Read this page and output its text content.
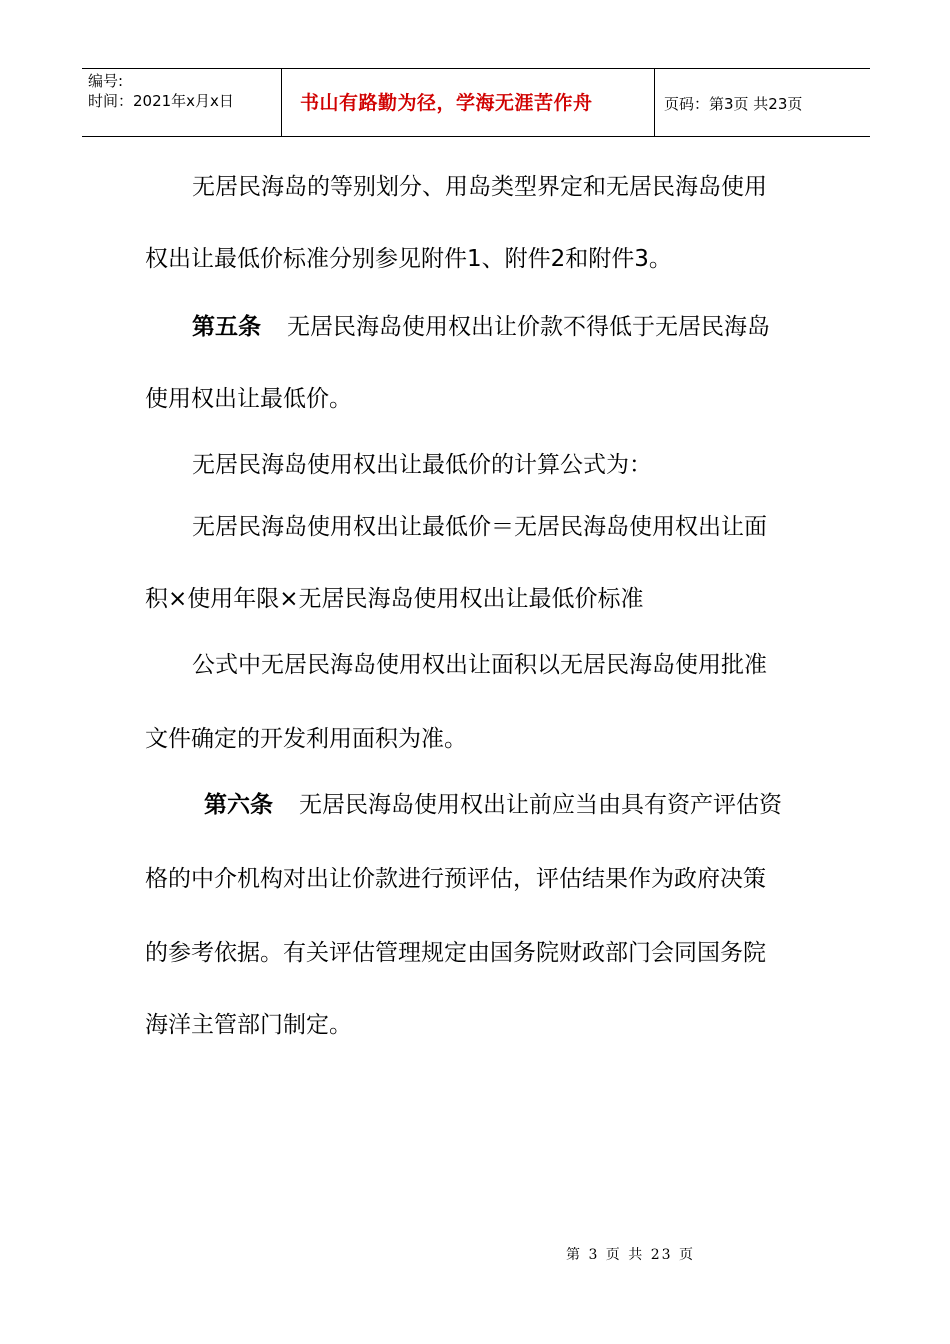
编号:
时间：2021年x月x日	书山有路勤为径，学海无涯苦作舟	页码：第3页 共23页
无居民海岛的等别划分、用岛类型界定和无居民海岛使用
权出让最低价标准分别参见附件1、附件2和附件3。
第五条 无居民海岛使用权出让价款不得低于无居民海岛
使用权出让最低价。
无居民海岛使用权出让最低价的计算公式为：
无居民海岛使用权出让最低价＝无居民海岛使用权出让面
积×使用年限×无居民海岛使用权出让最低价标准
公式中无居民海岛使用权出让面积以无居民海岛使用批准
文件确定的开发利用面积为准。
第六条 无居民海岛使用权出让前应当由具有资产评估资
格的中介机构对出让价款进行预评估，评估结果作为政府决策
的参考依据。有关评估管理规定由国务院财政部门会同国务院
海洋主管部门制定。
第 3 页 共 23 页
